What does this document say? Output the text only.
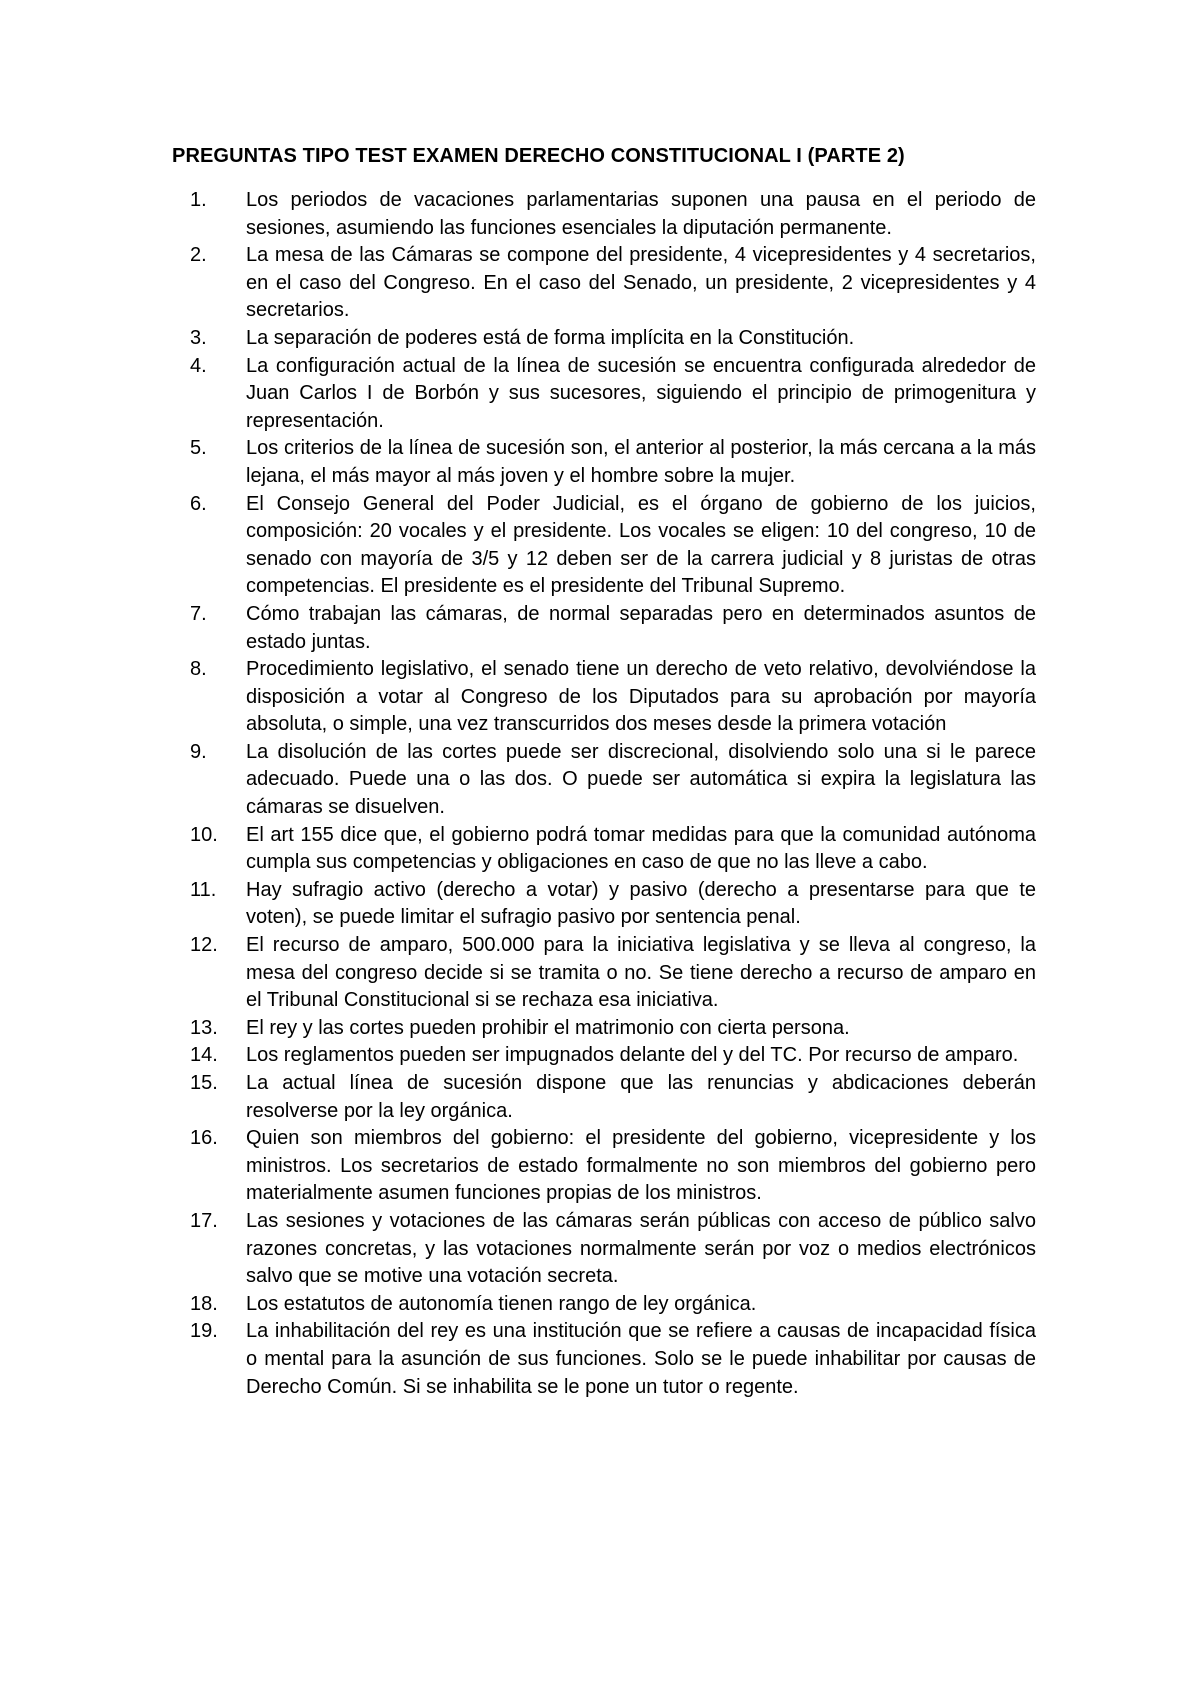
PREGUNTAS TIPO TEST EXAMEN DERECHO CONSTITUCIONAL I (PARTE 2)
1.	Los periodos de vacaciones parlamentarias suponen una pausa en el periodo de sesiones, asumiendo las funciones esenciales la diputación permanente.
2.	La mesa de las Cámaras se compone del presidente, 4 vicepresidentes y 4 secretarios, en el caso del Congreso. En el caso del Senado, un presidente, 2 vicepresidentes y 4 secretarios.
3.	La separación de poderes está de forma implícita en la Constitución.
4.	La configuración actual de la línea de sucesión se encuentra configurada alrededor de Juan Carlos I de Borbón y sus sucesores, siguiendo el principio de primogenitura y representación.
5.	Los criterios de la línea de sucesión son, el anterior al posterior, la más cercana a la más lejana, el más mayor al más joven y el hombre sobre la mujer.
6.	El Consejo General del Poder Judicial, es el órgano de gobierno de los juicios, composición: 20 vocales y el presidente. Los vocales se eligen: 10 del congreso, 10 de senado con mayoría de 3/5 y 12 deben ser de la carrera judicial y 8 juristas de otras competencias. El presidente es el presidente del Tribunal Supremo.
7.	Cómo trabajan las cámaras, de normal separadas pero en determinados asuntos de estado juntas.
8.	Procedimiento legislativo, el senado tiene un derecho de veto relativo, devolviéndose la disposición a votar al Congreso de los Diputados para su aprobación por mayoría absoluta, o simple, una vez transcurridos dos meses desde la primera votación
9.	La disolución de las cortes puede ser discrecional, disolviendo solo una si le parece adecuado. Puede una o las dos. O puede ser automática si expira la legislatura las cámaras se disuelven.
10.	El art 155 dice que, el gobierno podrá tomar medidas para que la comunidad autónoma cumpla sus competencias y obligaciones en caso de que no las lleve a cabo.
11.	Hay sufragio activo (derecho a votar) y pasivo (derecho a presentarse para que te voten), se puede limitar el sufragio pasivo por sentencia penal.
12.	El recurso de amparo, 500.000 para la iniciativa legislativa y se lleva al congreso, la mesa del congreso decide si se tramita o no. Se tiene derecho a recurso de amparo en el Tribunal Constitucional si se rechaza esa iniciativa.
13.	El rey y las cortes pueden prohibir el matrimonio con cierta persona.
14.	Los reglamentos pueden ser impugnados delante del y del TC. Por recurso de amparo.
15.	La actual línea de sucesión dispone que las renuncias y abdicaciones deberán resolverse por la ley orgánica.
16.	Quien son miembros del gobierno: el presidente del gobierno, vicepresidente y los ministros. Los secretarios de estado formalmente no son miembros del gobierno pero materialmente asumen funciones propias de los ministros.
17.	Las sesiones y votaciones de las cámaras serán públicas con acceso de público salvo razones concretas, y las votaciones normalmente serán por voz o medios electrónicos salvo que se motive una votación secreta.
18.	Los estatutos de autonomía tienen rango de ley orgánica.
19.	La inhabilitación del rey es una institución que se refiere a causas de incapacidad física o mental para la asunción de sus funciones. Solo se le puede inhabilitar por causas de Derecho Común. Si se inhabilita se le pone un tutor o regente.
